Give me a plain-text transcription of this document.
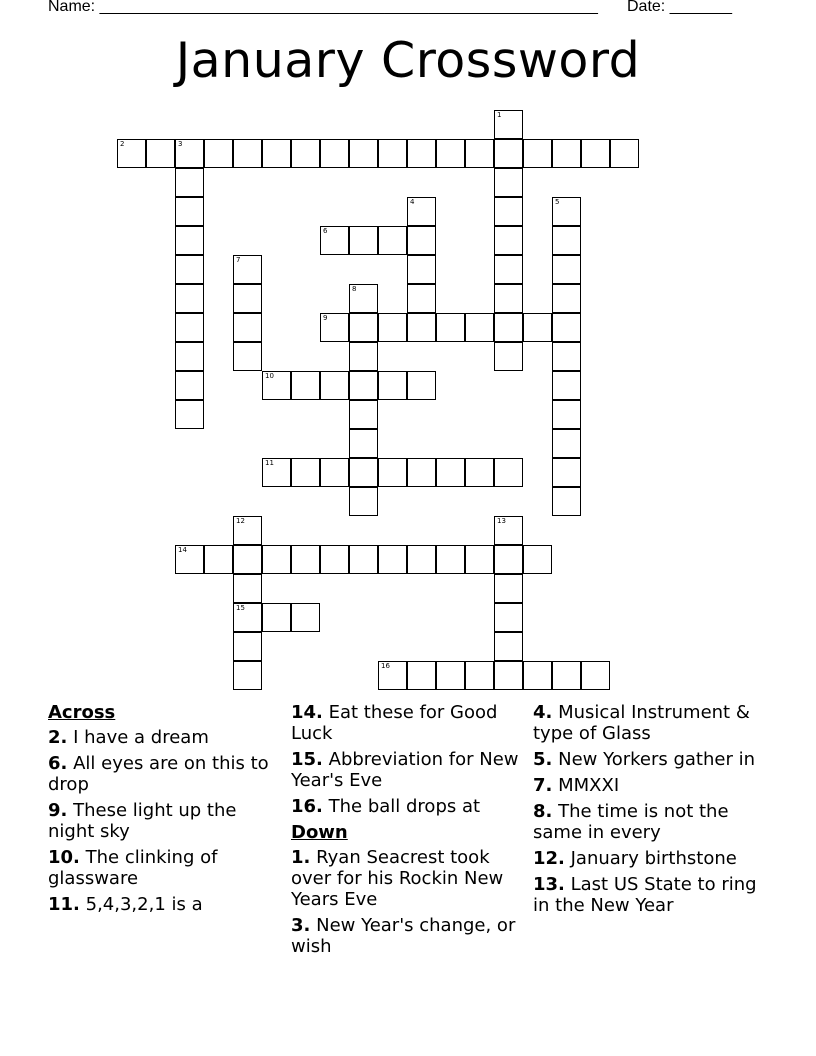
Name: ________________________________________________________ Date: _______
January Crossword
2	3
1
4	5
6
7
8
9
10
11
12
15
13
14
16
Across
2. I have a dream
6. All eyes are on this to drop
9. These light up the night sky
10. The clinking of glassware
11. 5,4,3,2,1 is a
14. Eat these for Good Luck
15. Abbreviation for New Year's Eve
16. The ball drops at
Down
1. Ryan Seacrest took over for his Rockin New Years Eve
3. New Year's change, or wish
4. Musical Instrument & type of Glass
5. New Yorkers gather in
7. MMXXI
8. The time is not the same in every
12. January birthstone
13. Last US State to ring in the New Year
